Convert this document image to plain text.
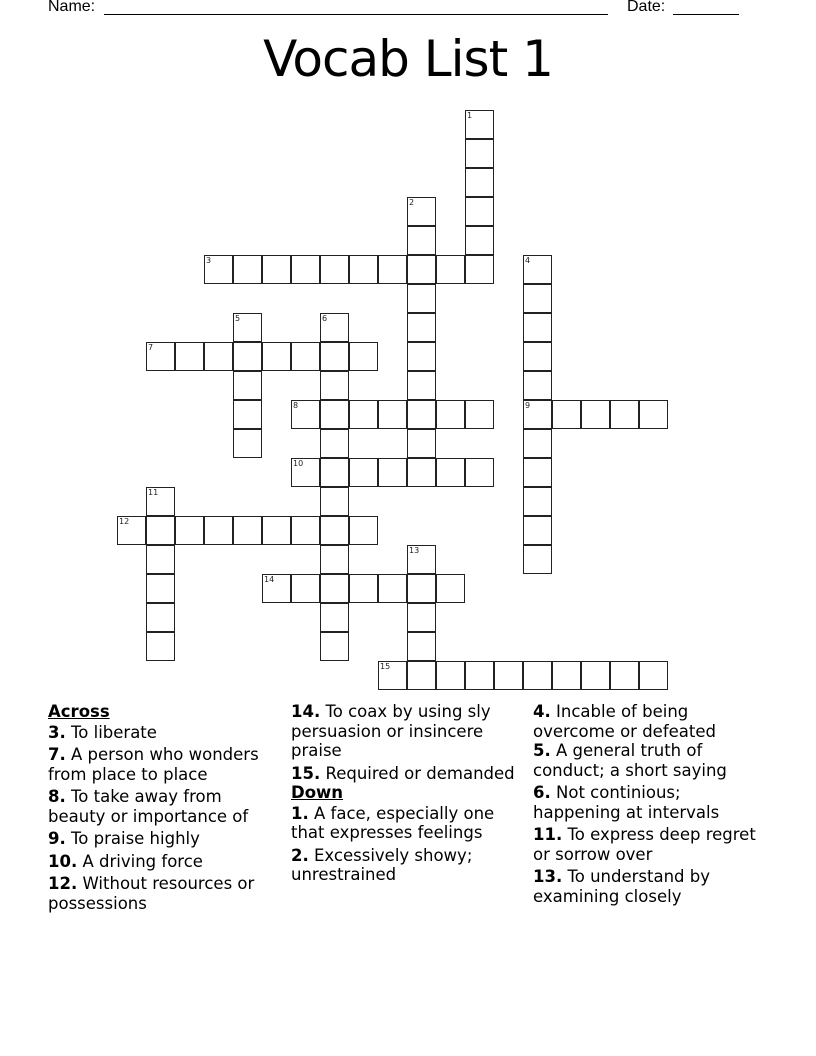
Name:	Date:
Vocab List 1
1
2
3	4
9
5	6
7
8
10
11
12
13
14
15
Across
3. To liberate
7. A person who wonders from place to place
8. To take away from beauty or importance of
9. To praise highly
10. A driving force
12. Without resources or possessions
14. To coax by using sly persuasion or insincere praise
15. Required or demanded
Down
1. A face, especially one that expresses feelings
2. Excessively showy; unrestrained
4. Incable of being overcome or defeated
5. A general truth of conduct; a short saying
6. Not continious; happening at intervals
11. To express deep regret or sorrow over
13. To understand by examining closely
